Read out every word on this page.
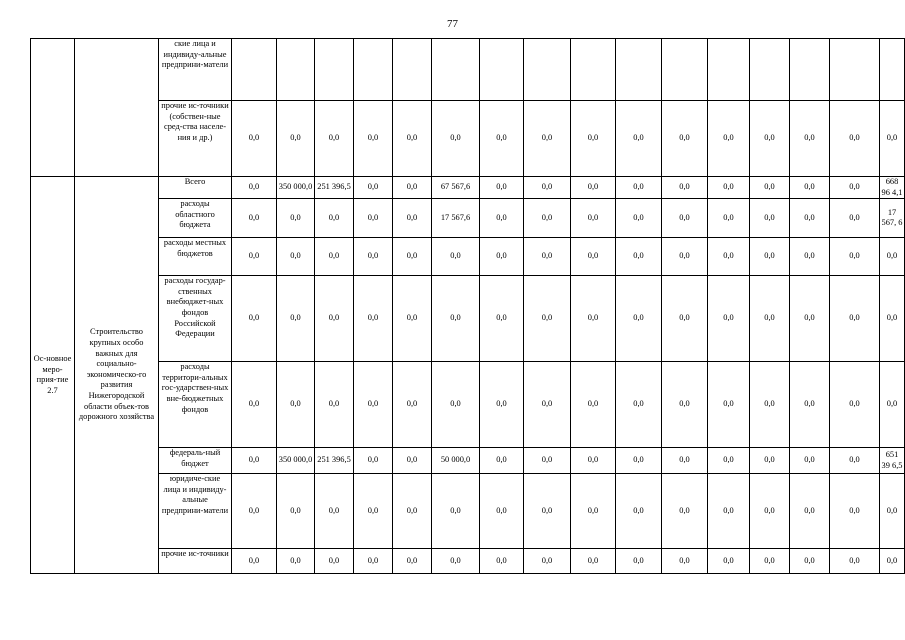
77
		ские лица и индивиду-альные предприни-матели																
		прочие ис-точники (собствен-ные сред-ства населе-ния и др.)	0,0	0,0	0,0	0,0	0,0	0,0	0,0	0,0	0,0	0,0	0,0	0,0	0,0	0,0	0,0	0,0
Ос-новное меро-прия-тие 2.7	Строительство крупных особо важных для социально-экономическо-го развития Нижегородской области объек-тов дорожного хозяйства	Всего	0,0	350 000,0	251 396,5	0,0	0,0	67 567,6	0,0	0,0	0,0	0,0	0,0	0,0	0,0	0,0	0,0	668 96 4,1
		расходы областного бюджета	0,0	0,0	0,0	0,0	0,0	17 567,6	0,0	0,0	0,0	0,0	0,0	0,0	0,0	0,0	0,0	17 567, 6
		расходы местных бюджетов	0,0	0,0	0,0	0,0	0,0	0,0	0,0	0,0	0,0	0,0	0,0	0,0	0,0	0,0	0,0	0,0
		расходы государ-ственных внебюджет-ных фондов Российской Федерации	0,0	0,0	0,0	0,0	0,0	0,0	0,0	0,0	0,0	0,0	0,0	0,0	0,0	0,0	0,0	0,0
		расходы территори-альных гос-ударствен-ных вне-бюджетных фондов	0,0	0,0	0,0	0,0	0,0	0,0	0,0	0,0	0,0	0,0	0,0	0,0	0,0	0,0	0,0	0,0
		федераль-ный бюджет	0,0	350 000,0	251 396,5	0,0	0,0	50 000,0	0,0	0,0	0,0	0,0	0,0	0,0	0,0	0,0	0,0	651 39 6,5
		юридиче-ские лица и индивиду-альные предприни-матели	0,0	0,0	0,0	0,0	0,0	0,0	0,0	0,0	0,0	0,0	0,0	0,0	0,0	0,0	0,0	0,0
		прочие ис-точники	0,0	0,0	0,0	0,0	0,0	0,0	0,0	0,0	0,0	0,0	0,0	0,0	0,0	0,0	0,0	0,0
